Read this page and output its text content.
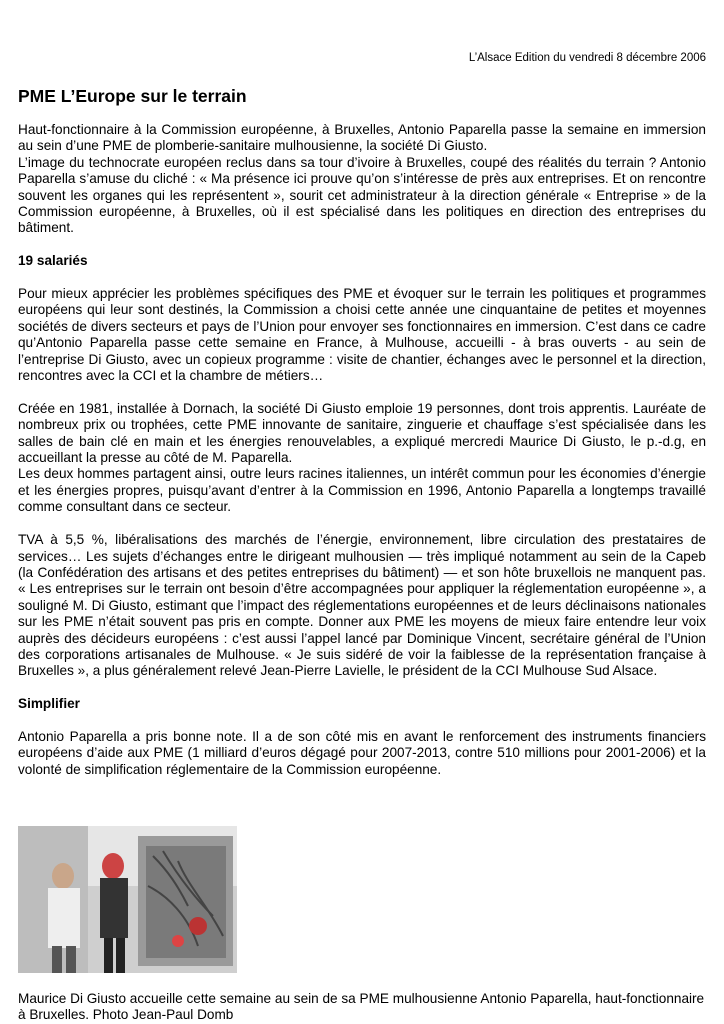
L’Alsace Edition du vendredi 8 décembre 2006
PME L’Europe sur le terrain

Haut-fonctionnaire à la Commission européenne, à Bruxelles, Antonio Paparella passe la semaine en immersion au sein d’une PME de plomberie-sanitaire mulhousienne, la société Di Giusto.
L’image du technocrate européen reclus dans sa tour d’ivoire à Bruxelles, coupé des réalités du terrain ? Antonio Paparella s’amuse du cliché : « Ma présence ici prouve qu’on s’intéresse de près aux entreprises. Et on rencontre souvent les organes qui les représentent », sourit cet administrateur à la direction générale « Entreprise » de la Commission européenne, à Bruxelles, où il est spécialisé dans les politiques en direction des entreprises du bâtiment.

19 salariés

Pour mieux apprécier les problèmes spécifiques des PME et évoquer sur le terrain les politiques et programmes européens qui leur sont destinés, la Commission a choisi cette année une cinquantaine de petites et moyennes sociétés de divers secteurs et pays de l’Union pour envoyer ses fonctionnaires en immersion. C’est dans ce cadre qu’Antonio Paparella passe cette semaine en France, à Mulhouse, accueilli - à bras ouverts - au sein de l’entreprise Di Giusto, avec un copieux programme : visite de chantier, échanges avec le personnel et la direction, rencontres avec la CCI et la chambre de métiers…

Créée en 1981, installée à Dornach, la société Di Giusto emploie 19 personnes, dont trois apprentis. Lauréate de nombreux prix ou trophées, cette PME innovante de sanitaire, zinguerie et chauffage s’est spécialisée dans les salles de bain clé en main et les énergies renouvelables, a expliqué mercredi Maurice Di Giusto, le p.-d.g, en accueillant la presse au côté de M. Paparella.
Les deux hommes partagent ainsi, outre leurs racines italiennes, un intérêt commun pour les économies d’énergie et les énergies propres, puisqu’avant d’entrer à la Commission en 1996, Antonio Paparella a longtemps travaillé comme consultant dans ce secteur.

TVA à 5,5 %, libéralisations des marchés de l’énergie, environnement, libre circulation des prestataires de services… Les sujets d’échanges entre le dirigeant mulhousien — très impliqué notamment au sein de la Capeb (la Confédération des artisans et des petites entreprises du bâtiment) — et son hôte bruxellois ne manquent pas. « Les entreprises sur le terrain ont besoin d’être accompagnées pour appliquer la réglementation européenne », a souligné M. Di Giusto, estimant que l’impact des réglementations européennes et de leurs déclinaisons nationales sur les PME n’était souvent pas pris en compte. Donner aux PME les moyens de mieux faire entendre leur voix auprès des décideurs européens : c’est aussi l’appel lancé par Dominique Vincent, secrétaire général de l’Union des corporations artisanales de Mulhouse. « Je suis sidéré de voir la faiblesse de la représentation française à Bruxelles », a plus généralement relevé Jean-Pierre Lavielle, le président de la CCI Mulhouse Sud Alsace.

Simplifier

Antonio Paparella a pris bonne note. Il a de son côté mis en avant le renforcement des instruments financiers européens d’aide aux PME (1 milliard d’euros dégagé pour 2007-2013, contre 510 millions pour 2001-2006) et la volonté de simplification réglementaire de la Commission européenne.

Maurice Di Giusto accueille cette semaine au sein de sa PME mulhousienne Antonio Paparella, haut-fonctionnaire à Bruxelles. Photo Jean-Paul Domb
